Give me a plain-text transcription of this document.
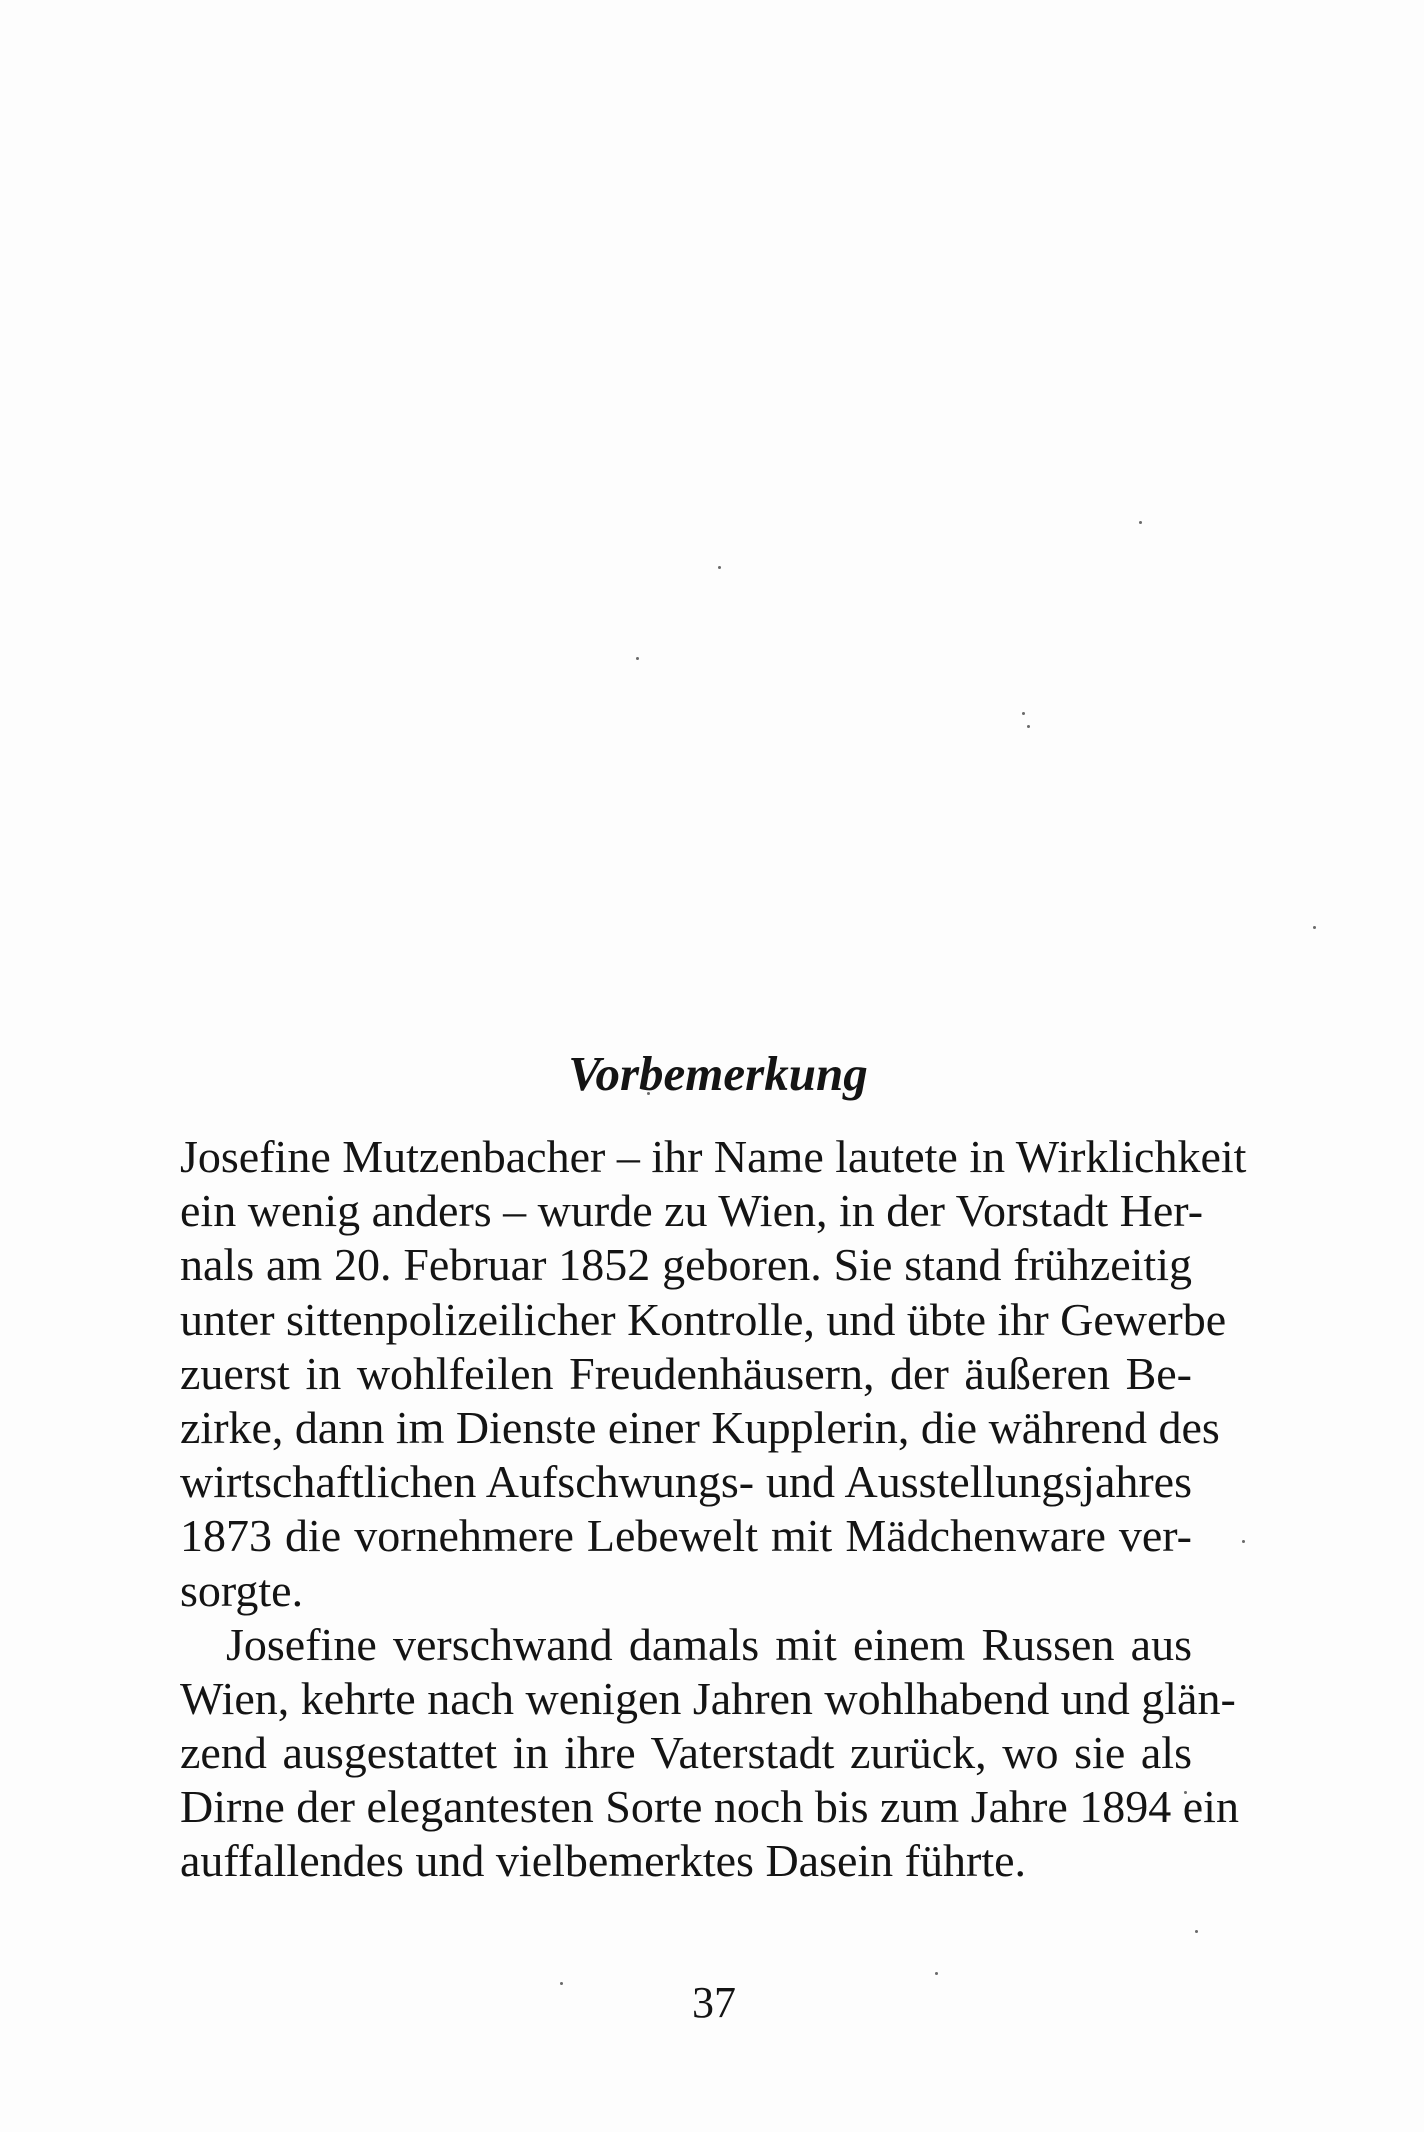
Vorbemerkung
Josefine Mutzenbacher – ihr Name lautete in Wirklichkeit
ein wenig anders – wurde zu Wien, in der Vorstadt Her-
nals am 20. Februar 1852 geboren. Sie stand frühzeitig
unter sittenpolizeilicher Kontrolle, und übte ihr Gewerbe
zuerst in wohlfeilen Freudenhäusern, der äußeren Be-
zirke, dann im Dienste einer Kupplerin, die während des
wirtschaftlichen Aufschwungs- und Ausstellungsjahres
1873 die vornehmere Lebewelt mit Mädchenware ver-
sorgte.
Josefine verschwand damals mit einem Russen aus
Wien, kehrte nach wenigen Jahren wohlhabend und glän-
zend ausgestattet in ihre Vaterstadt zurück, wo sie als
Dirne der elegantesten Sorte noch bis zum Jahre 1894 ein
auffallendes und vielbemerktes Dasein führte.
37
